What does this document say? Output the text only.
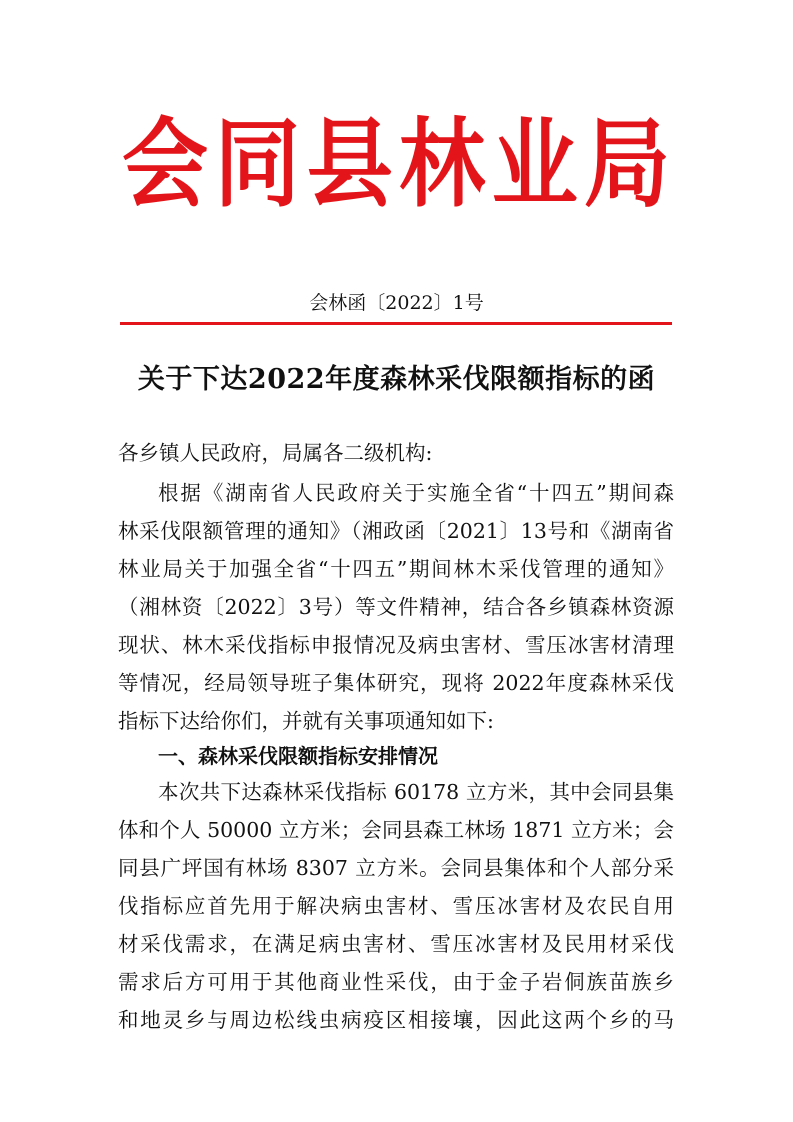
会 同 县 林 业 局
会林函〔2022〕1号
关于下达2022年度森林采伐限额指标的函
各乡镇人民政府，局属各二级机构:
根据《湖南省人民政府关于实施全省“十四五”期间森
林采伐限额管理的通知》（湘政函〔2021〕13号和《湖南省
林业局关于加强全省“十四五”期间林木采伐管理的通知》
（湘林资〔2022〕3号）等文件精神，结合各乡镇森林资源
现状、林木采伐指标申报情况及病虫害材、雪压冰害材清理
等情况，经局领导班子集体研究，现将 2022年度森林采伐
指标下达给你们，并就有关事项通知如下:
一、森林采伐限额指标安排情况
本次共下达森林采伐指标 60178 立方米，其中会同县集
体和个人 50000 立方米；会同县森工林场 1871 立方米；会
同县广坪国有林场 8307 立方米。会同县集体和个人部分采
伐指标应首先用于解决病虫害材、雪压冰害材及农民自用
材采伐需求，在满足病虫害材、雪压冰害材及民用材采伐
需求后方可用于其他商业性采伐，由于金子岩侗族苗族乡
和地灵乡与周边松线虫病疫区相接壤，因此这两个乡的马
